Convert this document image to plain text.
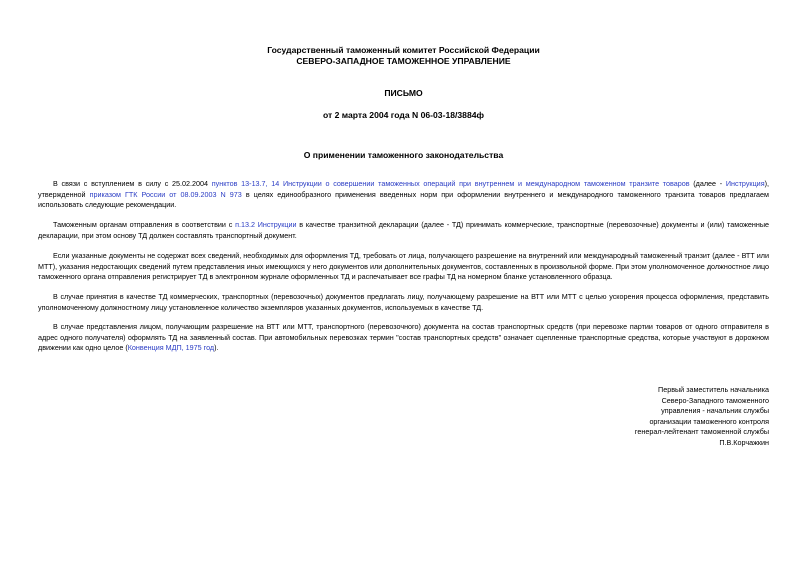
Государственный таможенный комитет Российской Федерации
СЕВЕРО-ЗАПАДНОЕ ТАМОЖЕННОЕ УПРАВЛЕНИЕ
ПИСЬМО
от 2 марта 2004 года N 06-03-18/3884ф
О применении таможенного законодательства

В связи с вступлением в силу с 25.02.2004 пунктов 13-13.7, 14 Инструкции о совершении таможенных операций при внутреннем и международном таможенном транзите товаров (далее - Инструкция), утвержденной приказом ГТК России от 08.09.2003 N 973 в целях единообразного применения введенных норм при оформлении внутреннего и международного таможенного транзита товаров предлагаем использовать следующие рекомендации.

Таможенным органам отправления в соответствии с п.13.2 Инструкции в качестве транзитной декларации (далее - ТД) принимать коммерческие, транспортные (перевозочные) документы и (или) таможенные декларации, при этом основу ТД должен составлять транспортный документ.

Если указанные документы не содержат всех сведений, необходимых для оформления ТД, требовать от лица, получающего разрешение на внутренний или международный таможенный транзит (далее - ВТТ или МТТ), указания недостающих сведений путем представления иных имеющихся у него документов или дополнительных документов, составленных в произвольной форме. При этом уполномоченное должностное лицо таможенного органа отправления регистрирует ТД в электронном журнале оформленных ТД и распечатывает все графы ТД на номерном бланке установленного образца.

В случае принятия в качестве ТД коммерческих, транспортных (перевозочных) документов предлагать лицу, получающему разрешение на ВТТ или МТТ с целью ускорения процесса оформления, представить уполномоченному должностному лицу установленное количество экземпляров указанных документов, используемых в качестве ТД.

В случае представления лицом, получающим разрешение на ВТТ или МТТ, транспортного (перевозочного) документа на состав транспортных средств (при перевозке партии товаров от одного отправителя в адрес одного получателя) оформлять ТД на заявленный состав. При автомобильных перевозках термин "состав транспортных средств" означает сцепленные транспортные средства, которые участвуют в дорожном движении как одно целое (Конвенция МДП, 1975 год).

Первый заместитель начальника
Северо-Западного таможенного
управления - начальник службы
организации таможенного контроля
генерал-лейтенант таможенной службы
П.В.Корчажкин
